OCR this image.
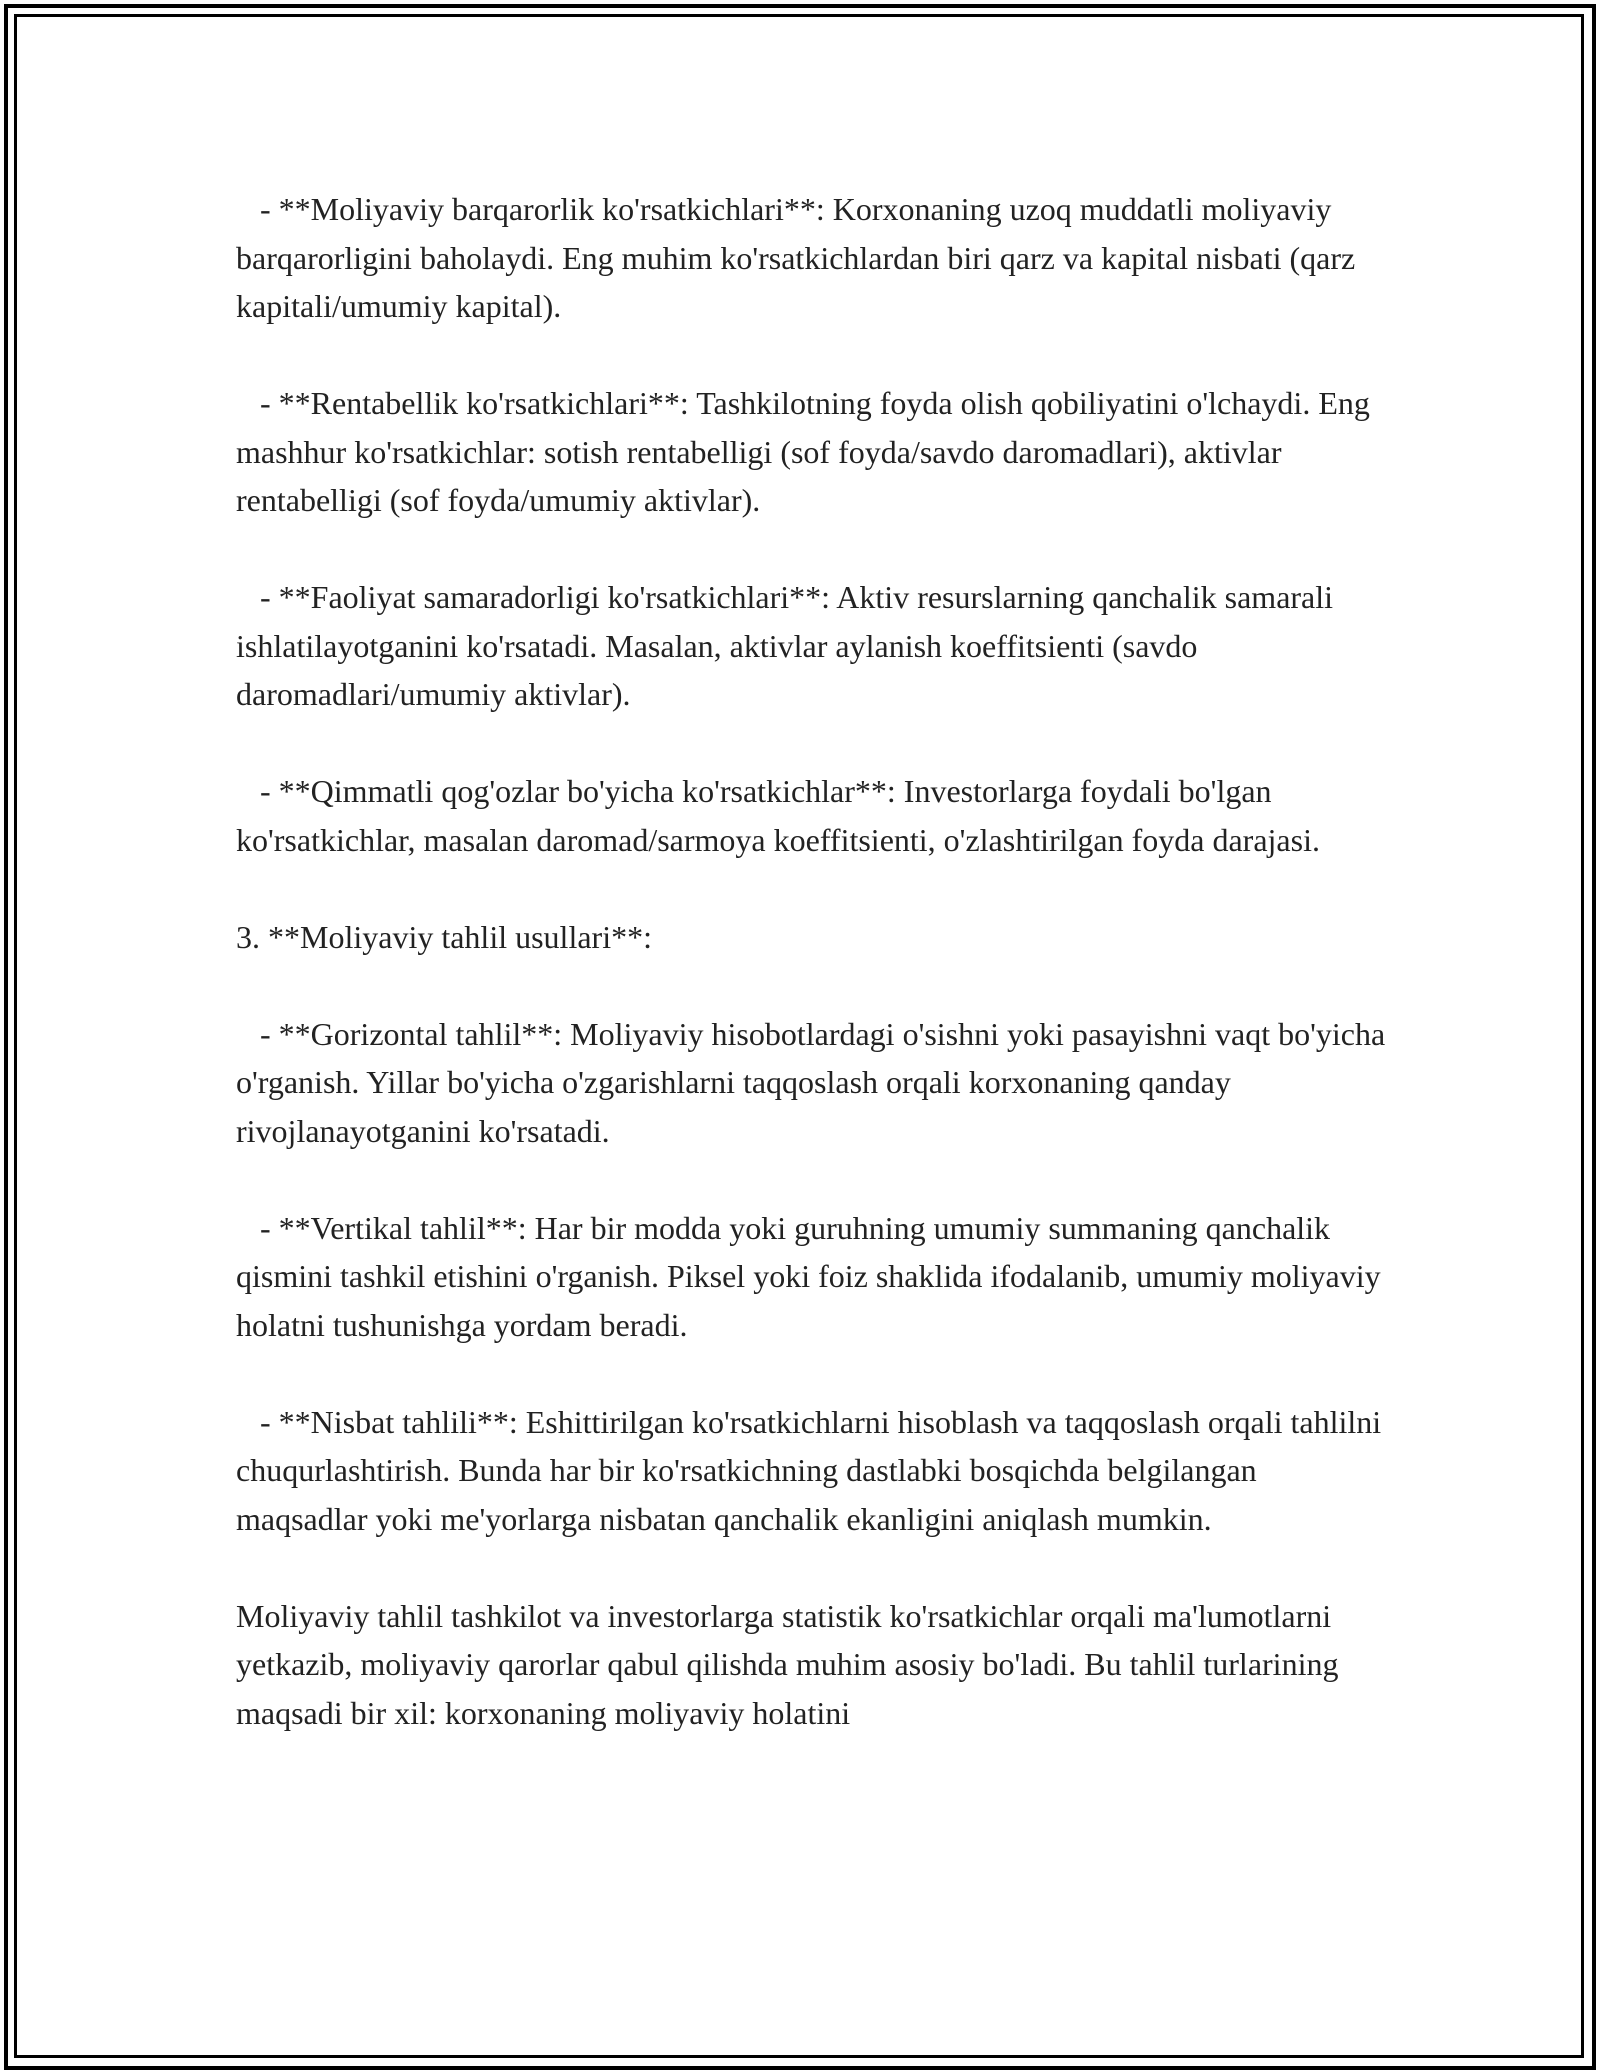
- **Moliyaviy barqarorlik ko'rsatkichlari**: Korxonaning uzoq muddatli moliyaviy barqarorligini baholaydi. Eng muhim ko'rsatkichlardan biri qarz va kapital nisbati (qarz kapitali/umumiy kapital).

- **Rentabellik ko'rsatkichlari**: Tashkilotning foyda olish qobiliyatini o'lchaydi. Eng mashhur ko'rsatkichlar: sotish rentabelligi (sof foyda/savdo daromadlari), aktivlar rentabelligi (sof foyda/umumiy aktivlar).

- **Faoliyat samaradorligi ko'rsatkichlari**: Aktiv resurslarning qanchalik samarali ishlatilayotganini ko'rsatadi. Masalan, aktivlar aylanish koeffitsienti (savdo daromadlari/umumiy aktivlar).

- **Qimmatli qog'ozlar bo'yicha ko'rsatkichlar**: Investorlarga foydali bo'lgan ko'rsatkichlar, masalan daromad/sarmoya koeffitsienti, o'zlashtirilgan foyda darajasi.

3. **Moliyaviy tahlil usullari**:

- **Gorizontal tahlil**: Moliyaviy hisobotlardagi o'sishni yoki pasayishni vaqt bo'yicha o'rganish. Yillar bo'yicha o'zgarishlarni taqqoslash orqali korxonaning qanday rivojlanayotganini ko'rsatadi.

- **Vertikal tahlil**: Har bir modda yoki guruhning umumiy summaning qanchalik qismini tashkil etishini o'rganish. Piksel yoki foiz shaklida ifodalanib, umumiy moliyaviy holatni tushunishga yordam beradi.

- **Nisbat tahlili**: Eshittirilgan ko'rsatkichlarni hisoblash va taqqoslash orqali tahlilni chuqurlashtirish. Bunda har bir ko'rsatkichning dastlabki bosqichda belgilangan maqsadlar yoki me'yorlarga nisbatan qanchalik ekanligini aniqlash mumkin.

Moliyaviy tahlil tashkilot va investorlarga statistik ko'rsatkichlar orqali ma'lumotlarni yetkazib, moliyaviy qarorlar qabul qilishda muhim asosiy bo'ladi. Bu tahlil turlarining maqsadi bir xil: korxonaning moliyaviy holatini
